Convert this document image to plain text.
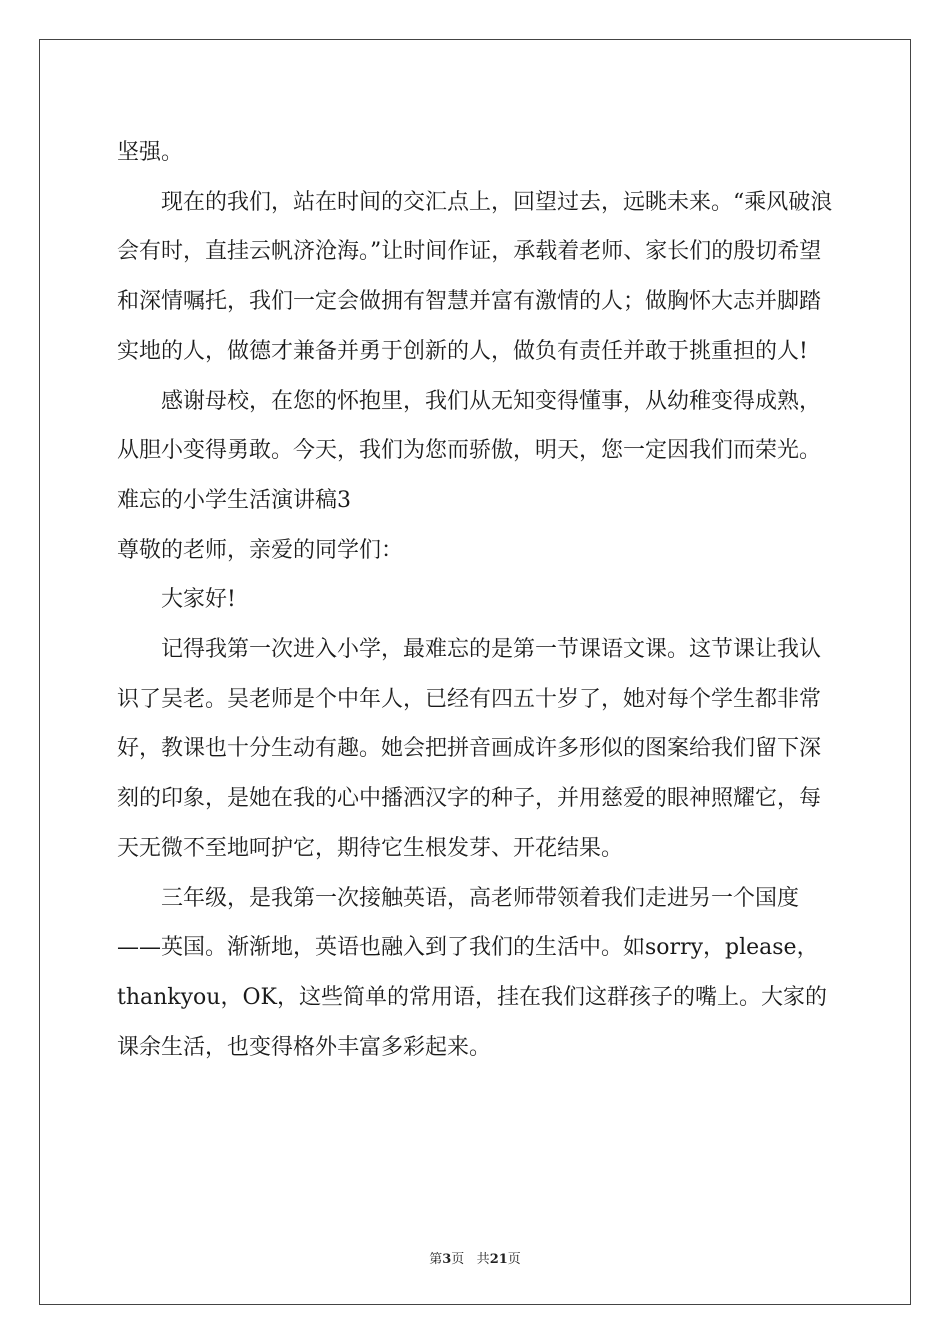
坚强。

现在的我们，站在时间的交汇点上，回望过去，远眺未来。“乘风破浪会有时，直挂云帆济沧海。”让时间作证，承载着老师、家长们的殷切希望和深情嘱托，我们一定会做拥有智慧并富有激情的人；做胸怀大志并脚踏实地的人，做德才兼备并勇于创新的人，做负有责任并敢于挑重担的人!

感谢母校，在您的怀抱里，我们从无知变得懂事，从幼稚变得成熟，从胆小变得勇敢。今天，我们为您而骄傲，明天，您一定因我们而荣光。

难忘的小学生活演讲稿3

尊敬的老师，亲爱的同学们：

大家好!

记得我第一次进入小学，最难忘的是第一节课语文课。这节课让我认识了吴老。吴老师是个中年人，已经有四五十岁了，她对每个学生都非常好，教课也十分生动有趣。她会把拼音画成许多形似的图案给我们留下深刻的印象，是她在我的心中播洒汉字的种子，并用慈爱的眼神照耀它，每天无微不至地呵护它，期待它生根发芽、开花结果。

三年级，是我第一次接触英语，高老师带领着我们走进另一个国度——英国。渐渐地，英语也融入到了我们的生活中。如sorry，please，thankyou，OK，这些简单的常用语，挂在我们这群孩子的嘴上。大家的课余生活，也变得格外丰富多彩起来。

第3页 共21页
